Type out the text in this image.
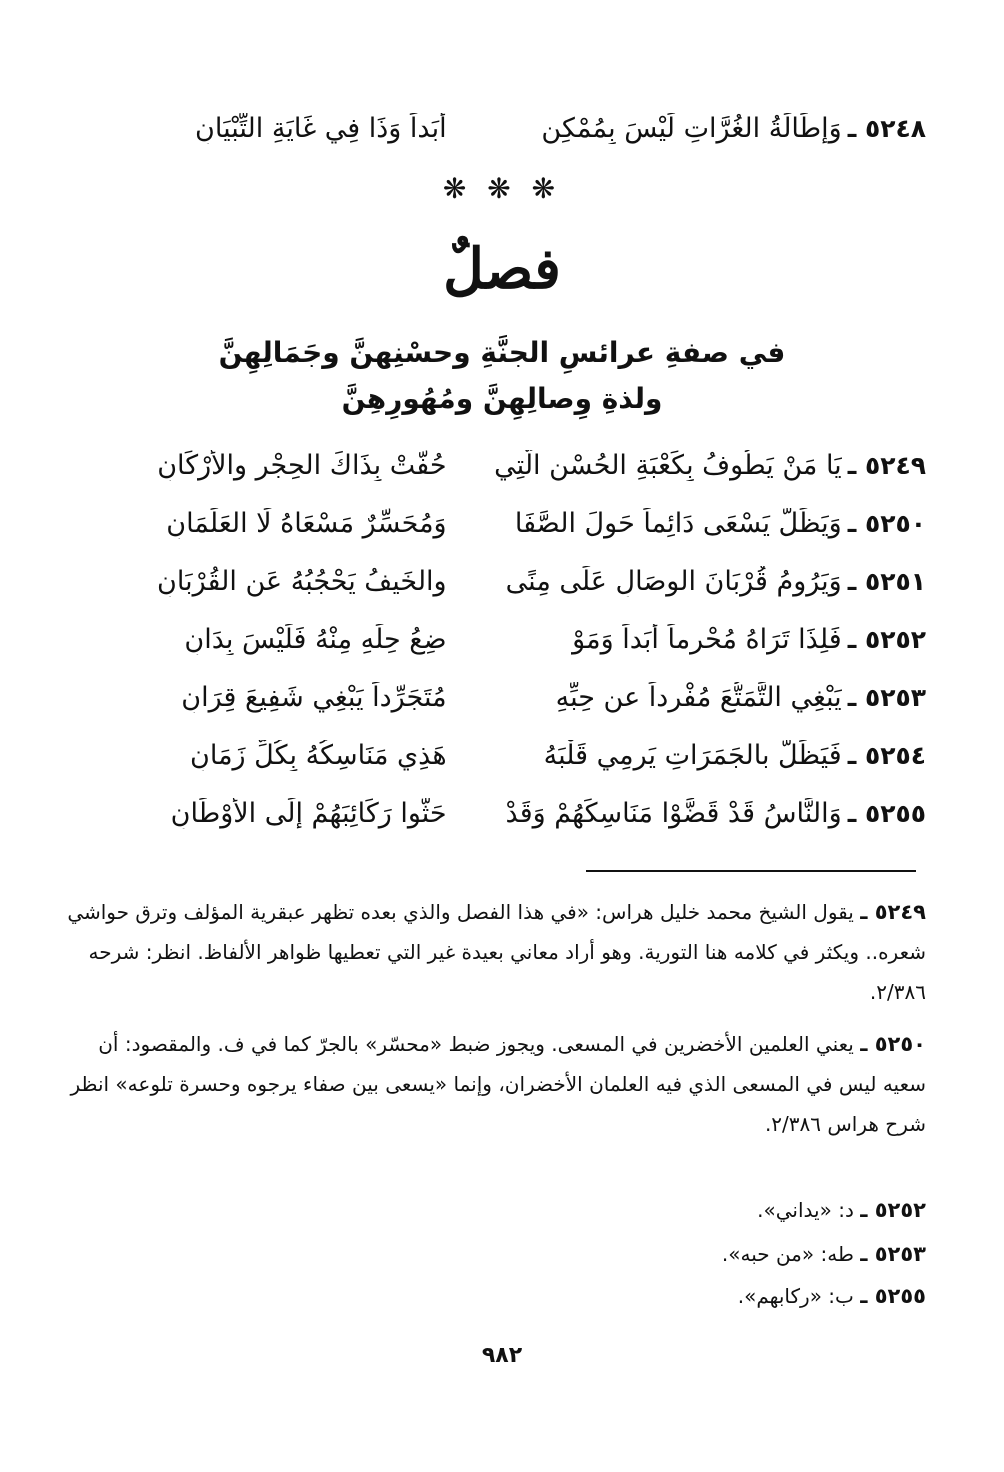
٥٢٤٨ ـ
وَإِطَالَةُ الغُرَّاتِ لَيْسَ بِمُمْكِنٍ
أَبَداً وَذَا فِي غَايَةِ التِّبْيَانِ
❋ ❋ ❋
فصلٌ
في صفةِ عرائسِ الجنَّةِ وحسْنِهنَّ وجَمَالِهِنَّ
ولذةِ وِصالِهِنَّ ومُهُورِهِنَّ
٥٢٤٩ ـ
يَا مَنْ يَطُوفُ بِكَعْبَةِ الحُسْنِ الَّتِي
حُفَّتْ بِذَاكَ الحِجْرِ والأَرْكَانِ
٥٢٥٠ ـ
وَيَظَلُّ يَسْعَى دَائِماً حَولَ الصَّفَا
وَمُحَسِّرٌ مَسْعَاهُ لَا العَلَمَانِ
٥٢٥١ ـ
وَيَرُومُ قُرْبَانَ الوِصَالِ عَلَى مِنًى
والخَيفُ يَحْجُبُهُ عَنِ القُرْبَانِ
٥٢٥٢ ـ
فَلِذَا تَرَاهُ مُحْرِماً أَبَداً وَمَوْ
ضِعُ حِلِّهِ مِنْهُ فَلَيْسَ بِدَانِ
٥٢٥٣ ـ
يَبْغِي التَّمَتُّعَ مُفْرِداً عن حِبِّهِ
مُتَجَرِّداً يَبْغِي شَفِيعَ قِرَانِ
٥٢٥٤ ـ
فَيَظَلُّ بالجَمَرَاتِ يَرمِي قَلْبَهُ
هَذِي مَنَاسِكُهُ بِكُلِّ زَمَانِ
٥٢٥٥ ـ
وَالنَّاسُ قَدْ قَضَّوْا مَنَاسِكَهُمْ وَقَدْ
حَثُّوا رَكَائِبَهُمْ إِلَى الأَوْطَانِ
٥٢٤٩ ـ يقول الشيخ محمد خليل هراس: «في هذا الفصل والذي بعده تظهر عبقرية المؤلف وترق حواشي شعره.. ويكثر في كلامه هنا التورية. وهو أراد معاني بعيدة غير التي تعطيها ظواهر الألفاظ. انظر: شرحه ٢/٣٨٦.
٥٢٥٠ ـ يعني العلمين الأخضرين في المسعى. ويجوز ضبط «محسّر» بالجرّ كما في ف. والمقصود: أن سعيه ليس في المسعى الذي فيه العلمان الأخضران، وإنما «يسعى بين صفاء يرجوه وحسرة تلوعه» انظر شرح هراس ٢/٣٨٦.
٥٢٥٢ ـ د: «يداني».
٥٢٥٣ ـ طه: «من حبه».
٥٢٥٥ ـ ب: «ركابهم».
٩٨٢
